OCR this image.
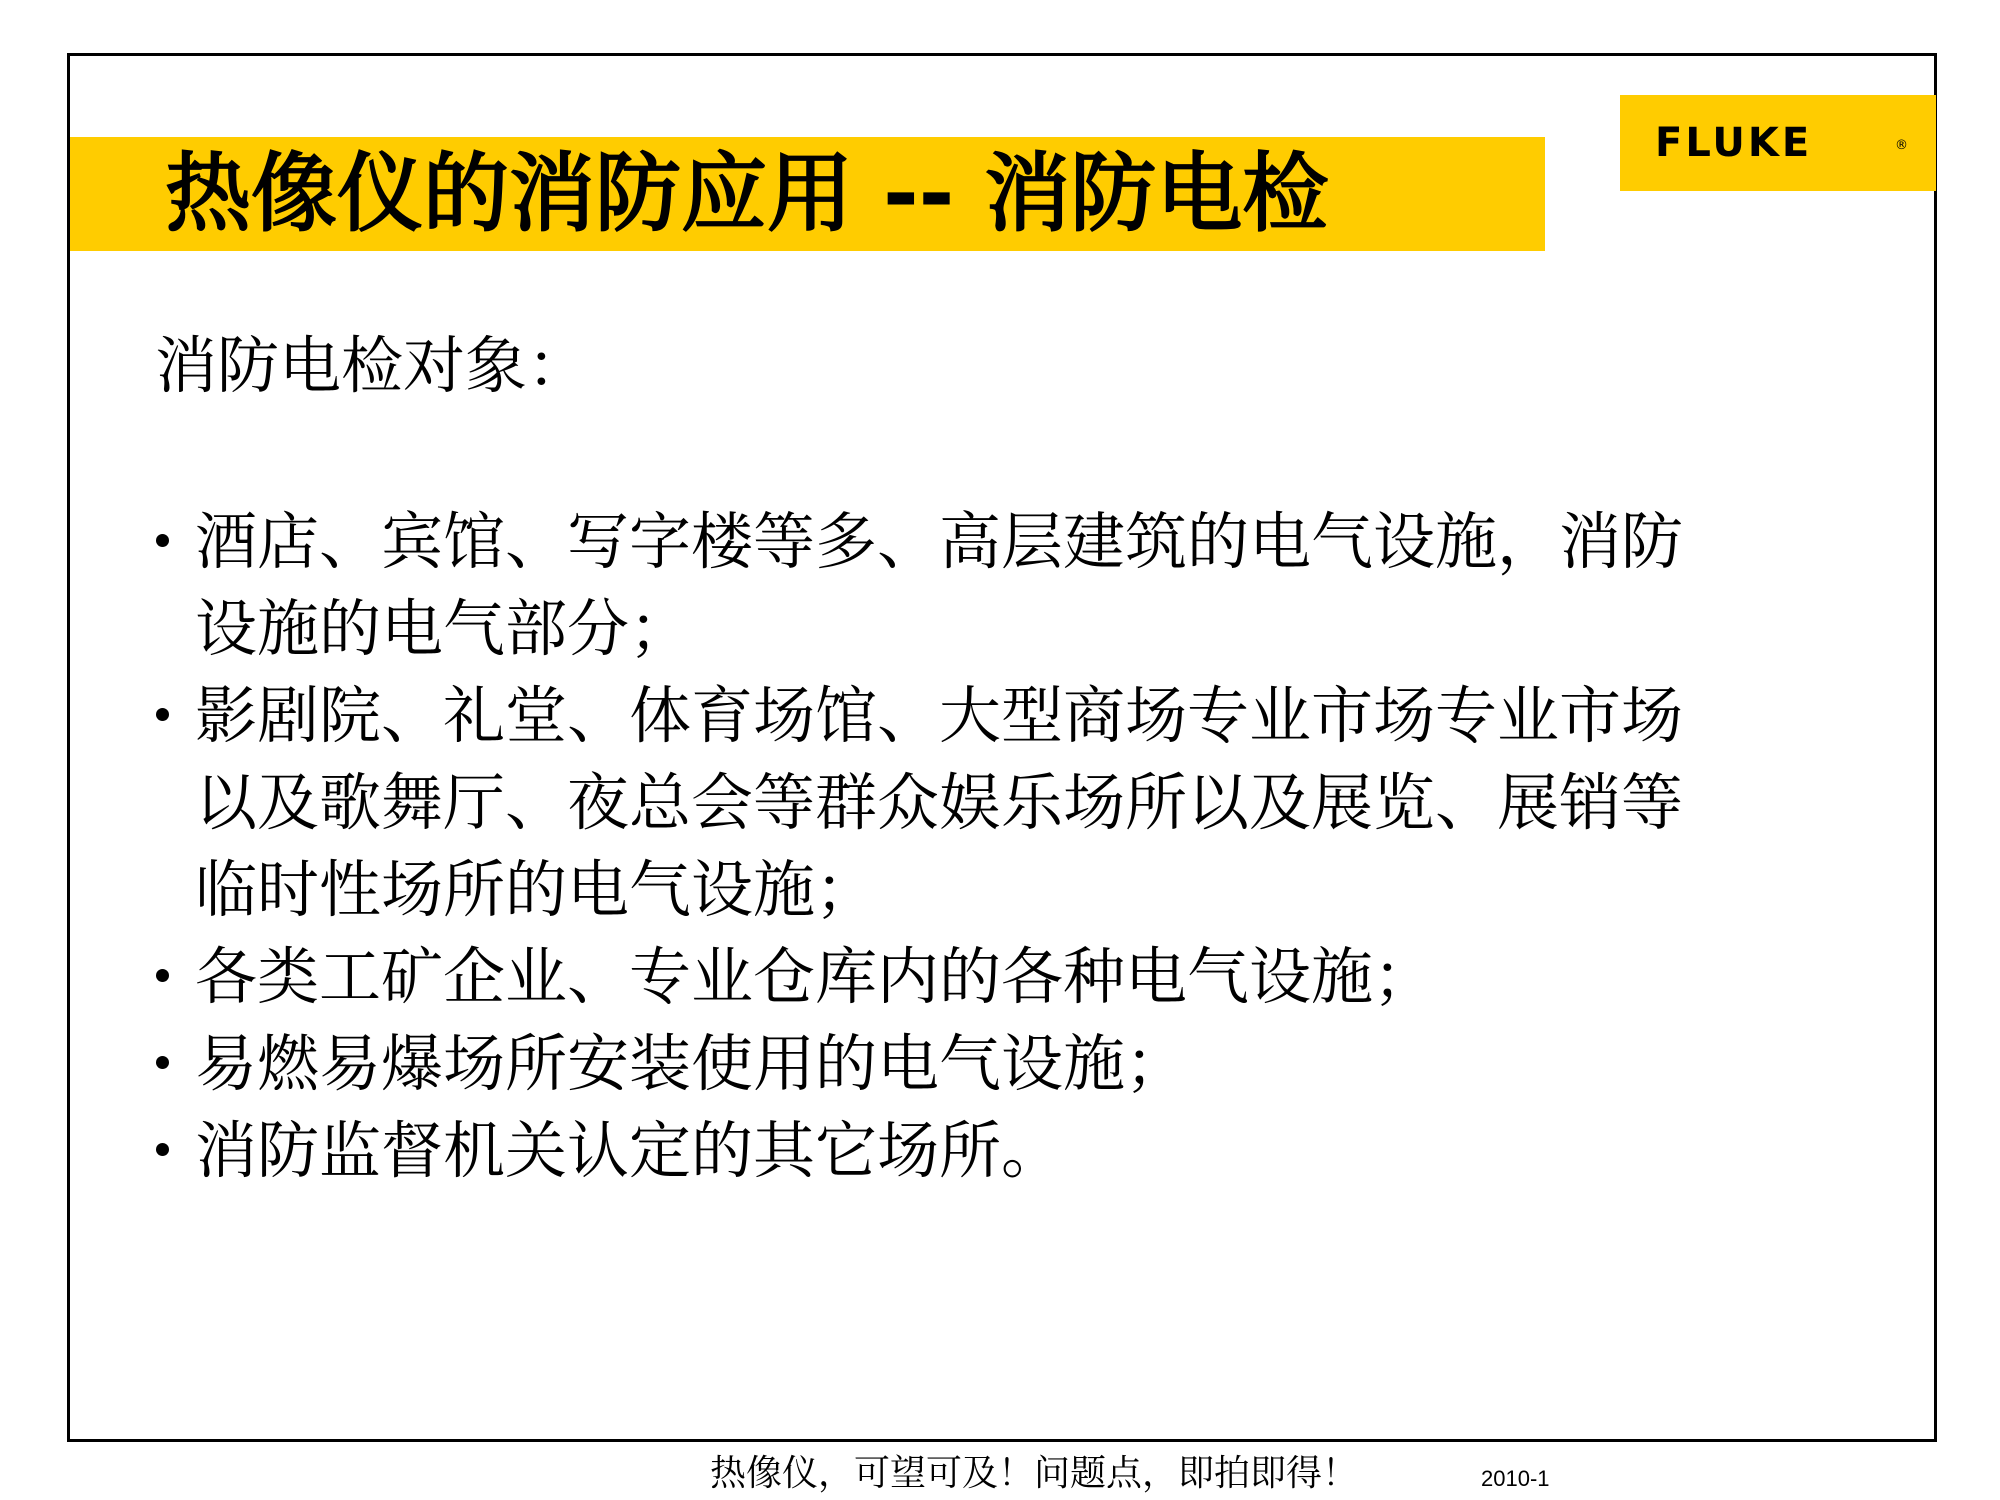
热像仪的消防应用 -- 消防电检
FLUKE	®
消防电检对象：
酒店、宾馆、写字楼等多、高层建筑的电气设施，消防
设施的电气部分；
影剧院、礼堂、体育场馆、大型商场专业市场专业市场
以及歌舞厅、夜总会等群众娱乐场所以及展览、展销等
临时性场所的电气设施；
各类工矿企业、专业仓库内的各种电气设施；
易燃易爆场所安装使用的电气设施；
消防监督机关认定的其它场所。
热像仪，可望可及！问题点，即拍即得！	2010-1
